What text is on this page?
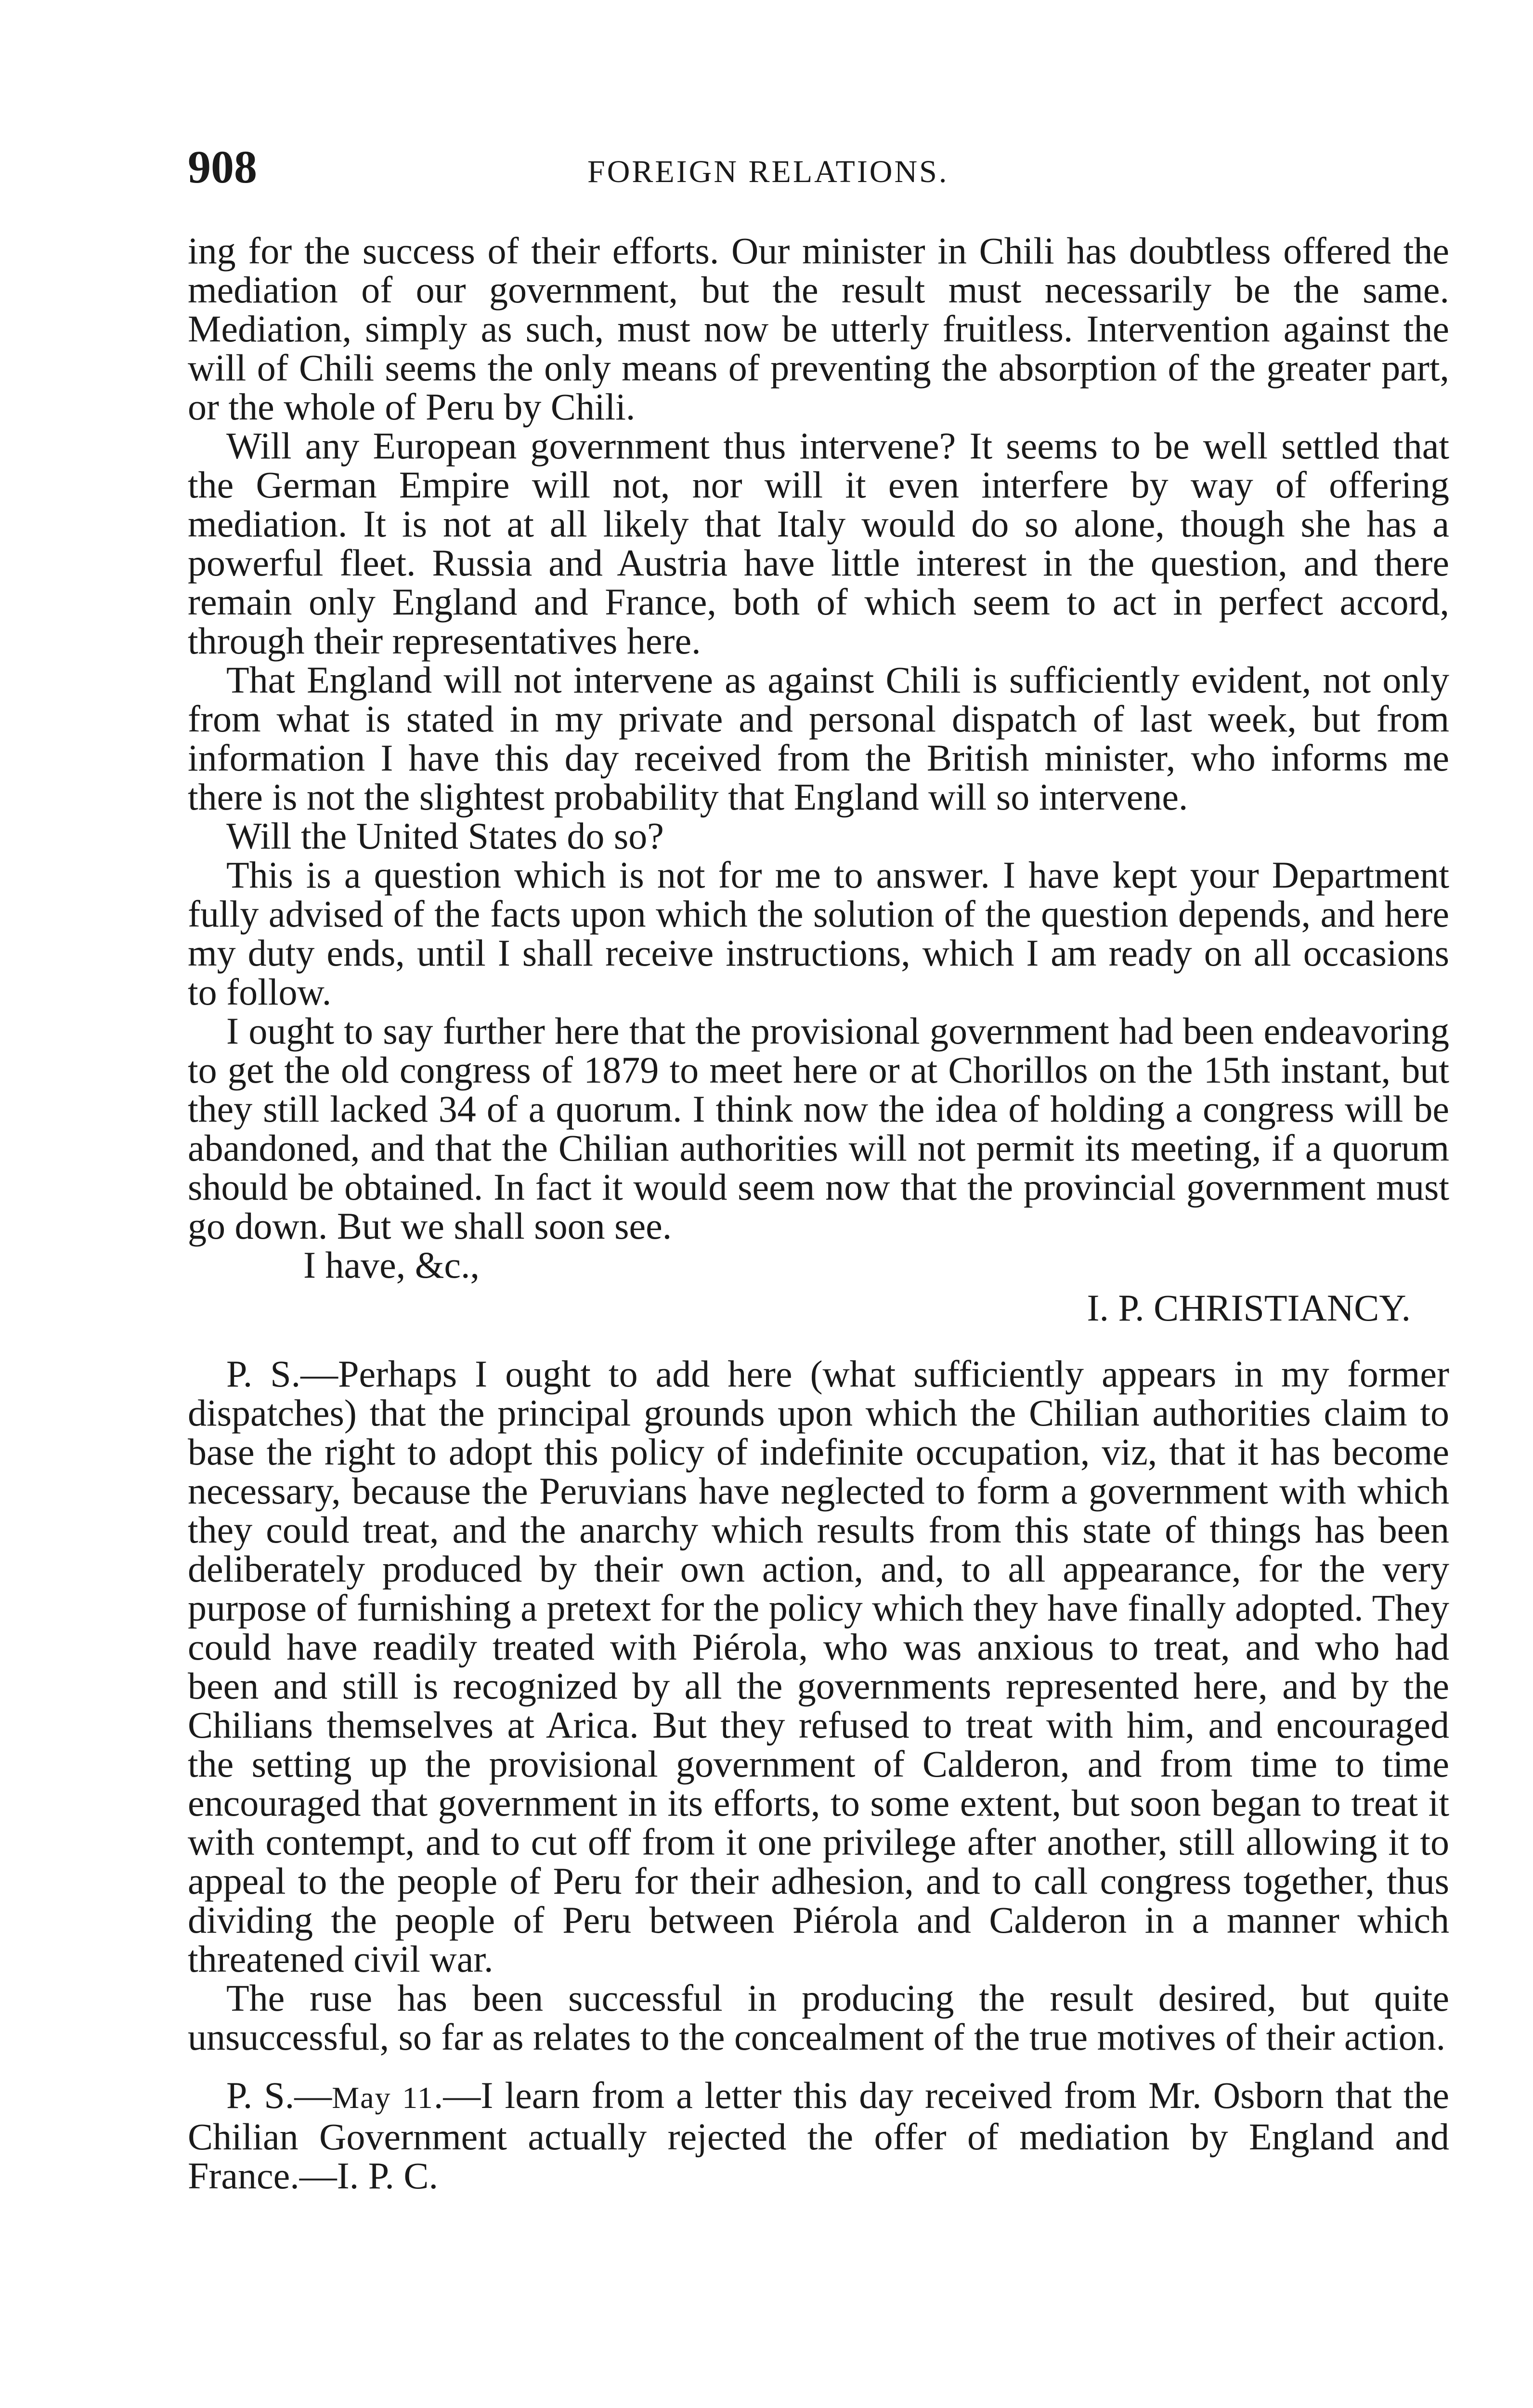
908	FOREIGN RELATIONS.

ing for the success of their efforts. Our minister in Chili has doubtless offered the mediation of our government, but the result must necessarily be the same. Mediation, simply as such, must now be utterly fruitless. Intervention against the will of Chili seems the only means of preventing the absorption of the greater part, or the whole of Peru by Chili.

Will any European government thus intervene? It seems to be well settled that the German Empire will not, nor will it even interfere by way of offering mediation. It is not at all likely that Italy would do so alone, though she has a powerful fleet. Russia and Austria have little interest in the question, and there remain only England and France, both of which seem to act in perfect accord, through their representatives here.

That England will not intervene as against Chili is sufficiently evident, not only from what is stated in my private and personal dispatch of last week, but from information I have this day received from the British minister, who informs me there is not the slightest probability that England will so intervene.

Will the United States do so?

This is a question which is not for me to answer. I have kept your Department fully advised of the facts upon which the solution of the question depends, and here my duty ends, until I shall receive instructions, which I am ready on all occasions to follow.

I ought to say further here that the provisional government had been endeavoring to get the old congress of 1879 to meet here or at Chorillos on the 15th instant, but they still lacked 34 of a quorum. I think now the idea of holding a congress will be abandoned, and that the Chilian authorities will not permit its meeting, if a quorum should be obtained. In fact it would seem now that the provincial government must go down. But we shall soon see.

I have, &c.,

I. P. CHRISTIANCY.

P. S.—Perhaps I ought to add here (what sufficiently appears in my former dispatches) that the principal grounds upon which the Chilian authorities claim to base the right to adopt this policy of indefinite occupation, viz, that it has become necessary, because the Peruvians have neglected to form a government with which they could treat, and the anarchy which results from this state of things has been deliberately produced by their own action, and, to all appearance, for the very purpose of furnishing a pretext for the policy which they have finally adopted. They could have readily treated with Piérola, who was anxious to treat, and who had been and still is recognized by all the governments represented here, and by the Chilians themselves at Arica. But they refused to treat with him, and encouraged the setting up the provisional government of Calderon, and from time to time encouraged that government in its efforts, to some extent, but soon began to treat it with contempt, and to cut off from it one privilege after another, still allowing it to appeal to the people of Peru for their adhesion, and to call congress together, thus dividing the people of Peru between Piérola and Calderon in a manner which threatened civil war.

The ruse has been successful in producing the result desired, but quite unsuccessful, so far as relates to the concealment of the true motives of their action.

P. S.—May 11.—I learn from a letter this day received from Mr. Osborn that the Chilian Government actually rejected the offer of mediation by England and France.—I. P. C.
